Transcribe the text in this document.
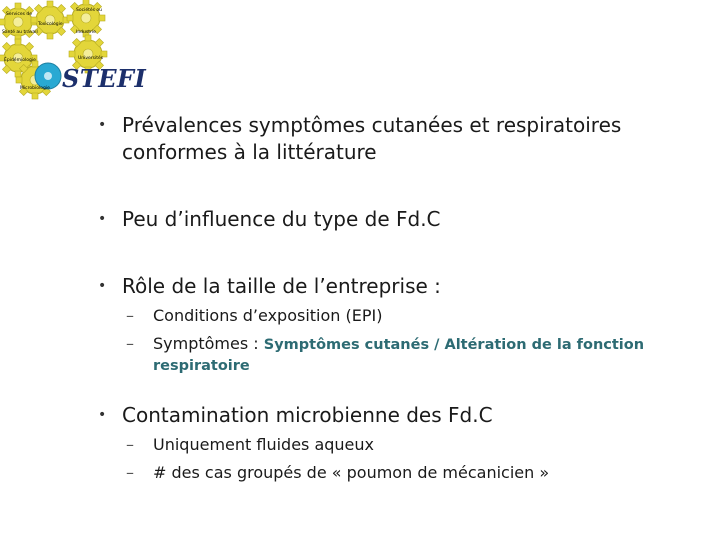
Services de
Toxicologie
Santé au travail
Sociétés ou
Industrie
Épidémiologie	Universités
Microbiologie STEFI
• Prévalences symptômes cutanées et respiratoires conformes à la littérature
• Peu d’influence du type de Fd.C
• Rôle de la taille de l’entreprise :
– Conditions d’exposition (EPI)
– Symptômes : Symptômes cutanés / Altération de la fonction respiratoire
• Contamination microbienne des Fd.C
– Uniquement fluides aqueux
– # des cas groupés de « poumon de mécanicien »
